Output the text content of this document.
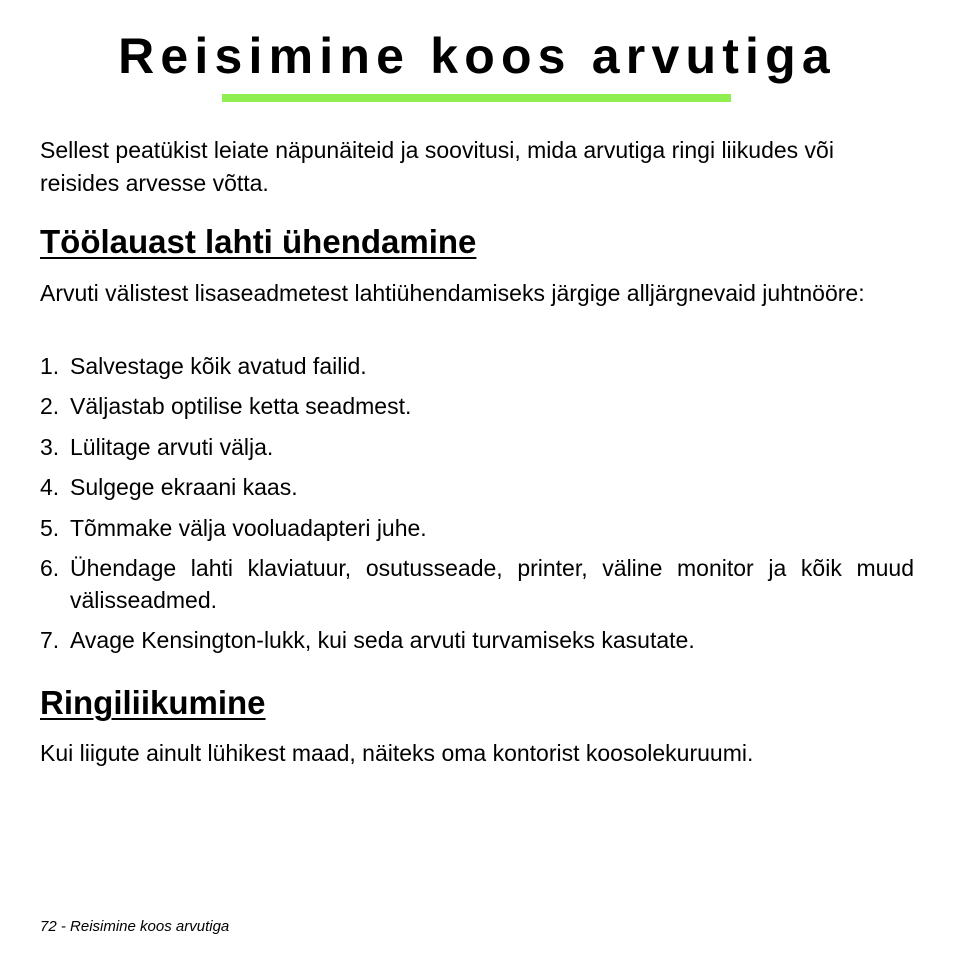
Reisimine koos arvutiga

Sellest peatükist leiate näpunäiteid ja soovitusi, mida arvutiga ringi liikudes või reisides arvesse võtta.

Töölauast lahti ühendamine

Arvuti välistest lisaseadmetest lahtiühendamiseks järgige alljärgnevaid juhtnööre:

1. Salvestage kõik avatud failid.
2. Väljastab optilise ketta seadmest.
3. Lülitage arvuti välja.
4. Sulgege ekraani kaas.
5. Tõmmake välja vooluadapteri juhe.
6. Ühendage lahti klaviatuur, osutusseade, printer, väline monitor ja kõik muud välisseadmed.
7. Avage Kensington-lukk, kui seda arvuti turvamiseks kasutate.
Ringiliikumine

Kui liigute ainult lühikest maad, näiteks oma kontorist koosolekuruumi.

72 - Reisimine koos arvutiga
